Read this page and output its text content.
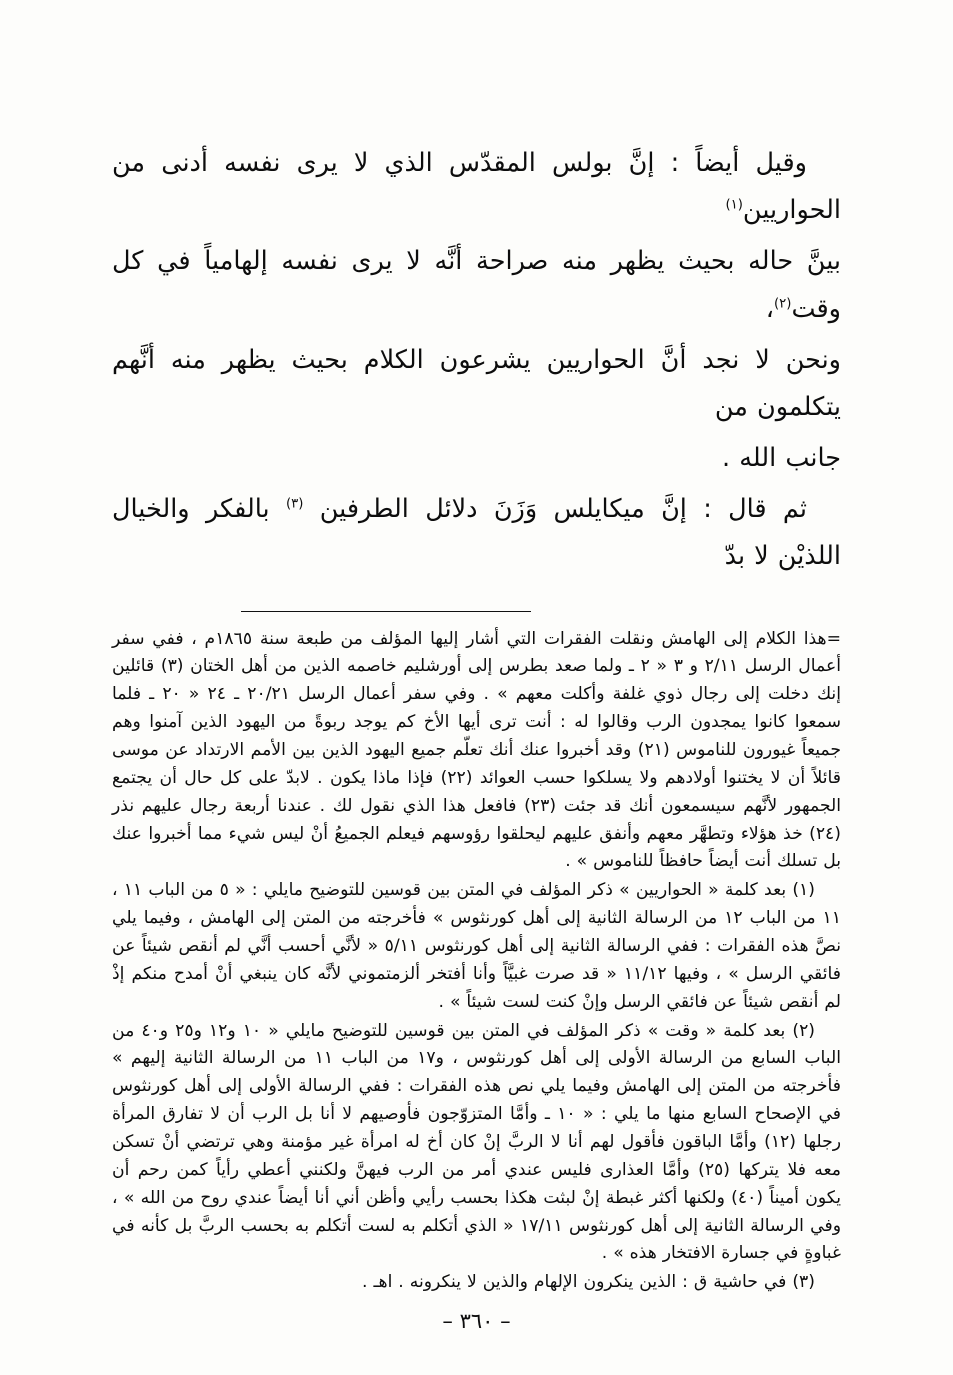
وقيل أيضاً : إنَّ بولس المقدّس الذي لا يرى نفسه أدنى من الحواريين$^{(١)}$

بينَّ حاله بحيث يظهر منه صراحة أنَّه لا يرى نفسه إلهامياً في كل وقت$^{(٢)}$،

ونحن لا نجد أنَّ الحواريين يشرعون الكلام بحيث يظهر منه أنَّهم يتكلمون من

جانب الله .

ثم قال : إنَّ ميكايلس وَزَنَ دلائل الطرفين $^{(٣)}$ بالفكر والخيال اللذيْن لا بدّ

=هذا الكلام إلى الهامش ونقلت الفقرات التي أشار إليها المؤلف من طبعة سنة ١٨٦٥م ، ففي سفر أعمال الرسل ٢/١١ و ٣ « ٢ ـ ولما صعد بطرس إلى أورشليم خاصمه الذين من أهل الختان (٣) قائلين إنك دخلت إلى رجال ذوي غلفة وأكلت معهم » . وفي سفر أعمال الرسل ٢٠/٢١ ـ ٢٤ « ٢٠ ـ فلما سمعوا كانوا يمجدون الرب وقالوا له : أنت ترى أيها الأخ كم يوجد ربوةً من اليهود الذين آمنوا وهم جميعاً غيورون للناموس (٢١) وقد أخبروا عنك أنك تعلّم جميع اليهود الذين بين الأمم الارتداد عن موسى قائلاً أن لا يختنوا أولادهم ولا يسلكوا حسب العوائد (٢٢) فإذا ماذا يكون . لابدّ على كل حال أن يجتمع الجمهور لأنَّهم سيسمعون أنك قد جئت (٢٣) فافعل هذا الذي نقول لك . عندنا أربعة رجال عليهم نذر (٢٤) خذ هؤلاء وتطهَّر معهم وأنفق عليهم ليحلقوا رؤوسهم فيعلم الجميعُ أنْ ليس شيء مما أخبروا عنك بل تسلك أنت أيضاً حافظاً للناموس » .

(١) بعد كلمة « الحواريين » ذكر المؤلف في المتن بين قوسين للتوضيح مايلي : « ٥ من الباب ١١ ، ١١ من الباب ١٢ من الرسالة الثانية إلى أهل كورنثوس » فأخرجته من المتن إلى الهامش ، وفيما يلي نصَّ هذه الفقرات : ففي الرسالة الثانية إلى أهل كورنثوس ٥/١١ « لأنَّي أحسب أنَّي لم أنقص شيئاً عن فائقي الرسل » ، وفيها ١١/١٢ « قد صرت غبيَّاً وأنا أفتخر ألزمتموني لأنَّه كان ينبغي أنْ أمدح منكم إذْ لم أنقص شيئاً عن فائقي الرسل وإنْ كنت لست شيئاً » .

(٢) بعد كلمة « وقت » ذكر المؤلف في المتن بين قوسين للتوضيح مايلي « ١٠ و١٢ و٢٥ و٤٠ من الباب السابع من الرسالة الأولى إلى أهل كورنثوس ، و١٧ من الباب ١١ من الرسالة الثانية إليهم » فأخرجته من المتن إلى الهامش وفيما يلي نص هذه الفقرات : ففي الرسالة الأولى إلى أهل كورنثوس في الإصحاح السابع منها ما يلي : « ١٠ ـ وأمَّا المتزوّجون فأوصيهم لا أنا بل الرب أن لا تفارق المرأة رجلها (١٢) وأمَّا الباقون فأقول لهم أنا لا الربَّ إنْ كان أخ له امرأة غير مؤمنة وهي ترتضي أنْ تسكن معه فلا يتركها (٢٥) وأمَّا العذارى فليس عندي أمر من الرب فيهنَّ ولكنني أعطي رأياً كمن رحم أن يكون أميناً (٤٠) ولكنها أكثر غبطة إنْ لبثت هكذا بحسب رأيي وأظن أني أنا أيضاً عندي روح من الله » ، وفي الرسالة الثانية إلى أهل كورنثوس ١٧/١١ « الذي أتكلم به لست أتكلم به بحسب الربَّ بل كأنه في غباوةٍ في جسارة الافتخار هذه » .

(٣) في حاشية ق : الذين ينكرون الإلهام والذين لا ينكرونه . اهـ .

– ٣٦٠ –
